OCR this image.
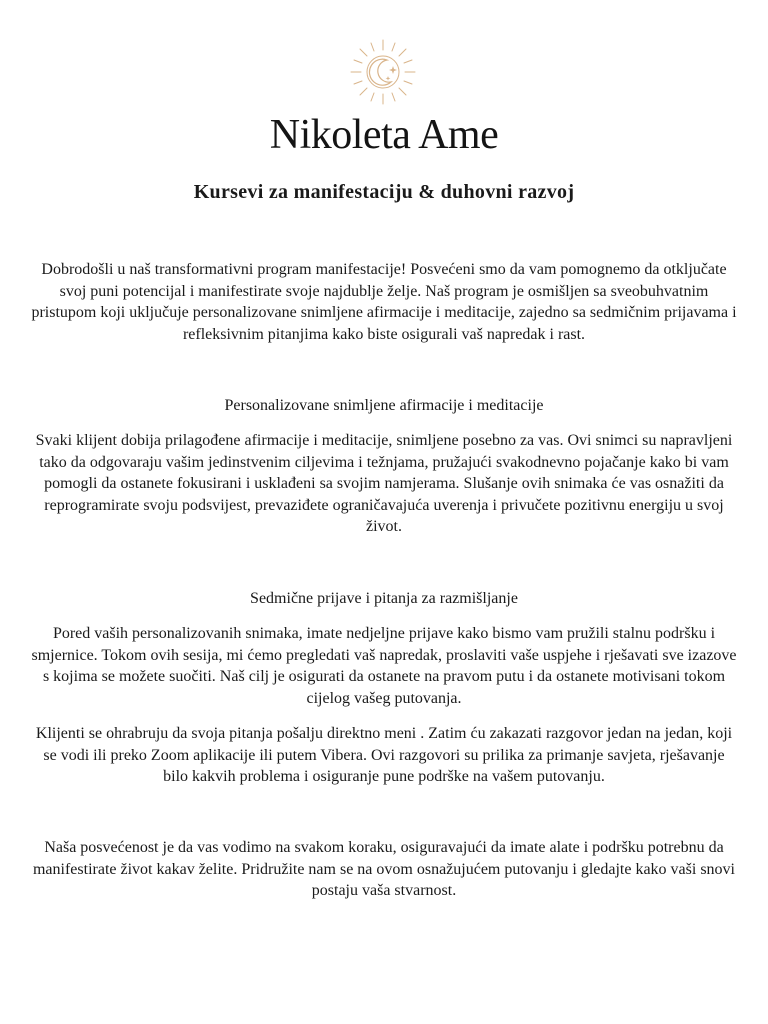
Nikoleta Ame
Kursevi za manifestaciju & duhovni razvoj

Dobrodošli u naš transformativni program manifestacije! Posvećeni smo da vam pomognemo da otključate svoj puni potencijal i manifestirate svoje najdublje želje. Naš program je osmišljen sa sveobuhvatnim pristupom koji uključuje personalizovane snimljene afirmacije i meditacije, zajedno sa sedmičnim prijavama i refleksivnim pitanjima kako biste osigurali vaš napredak i rast.

Personalizovane snimljene afirmacije i meditacije

Svaki klijent dobija prilagođene afirmacije i meditacije, snimljene posebno za vas. Ovi snimci su napravljeni tako da odgovaraju vašim jedinstvenim ciljevima i težnjama, pružajući svakodnevno pojačanje kako bi vam pomogli da ostanete fokusirani i usklađeni sa svojim namjerama. Slušanje ovih snimaka će vas osnažiti da reprogramirate svoju podsvijest, prevaziđete ograničavajuća uverenja i privučete pozitivnu energiju u svoj život.

Sedmične prijave i pitanja za razmišljanje

Pored vaših personalizovanih snimaka, imate nedjeljne prijave kako bismo vam pružili stalnu podršku i smjernice. Tokom ovih sesija, mi ćemo pregledati vaš napredak, proslaviti vaše uspjehe i rješavati sve izazove s kojima se možete suočiti. Naš cilj je osigurati da ostanete na pravom putu i da ostanete motivisani tokom cijelog vašeg putovanja.

Klijenti se ohrabruju da svoja pitanja pošalju direktno meni . Zatim ću zakazati razgovor jedan na jedan, koji se vodi ili preko Zoom aplikacije ili putem Vibera. Ovi razgovori su prilika za primanje savjeta, rješavanje bilo kakvih problema i osiguranje pune podrške na vašem putovanju.

Naša posvećenost je da vas vodimo na svakom koraku, osiguravajući da imate alate i podršku potrebnu da manifestirate život kakav želite. Pridružite nam se na ovom osnažujućem putovanju i gledajte kako vaši snovi postaju vaša stvarnost.
